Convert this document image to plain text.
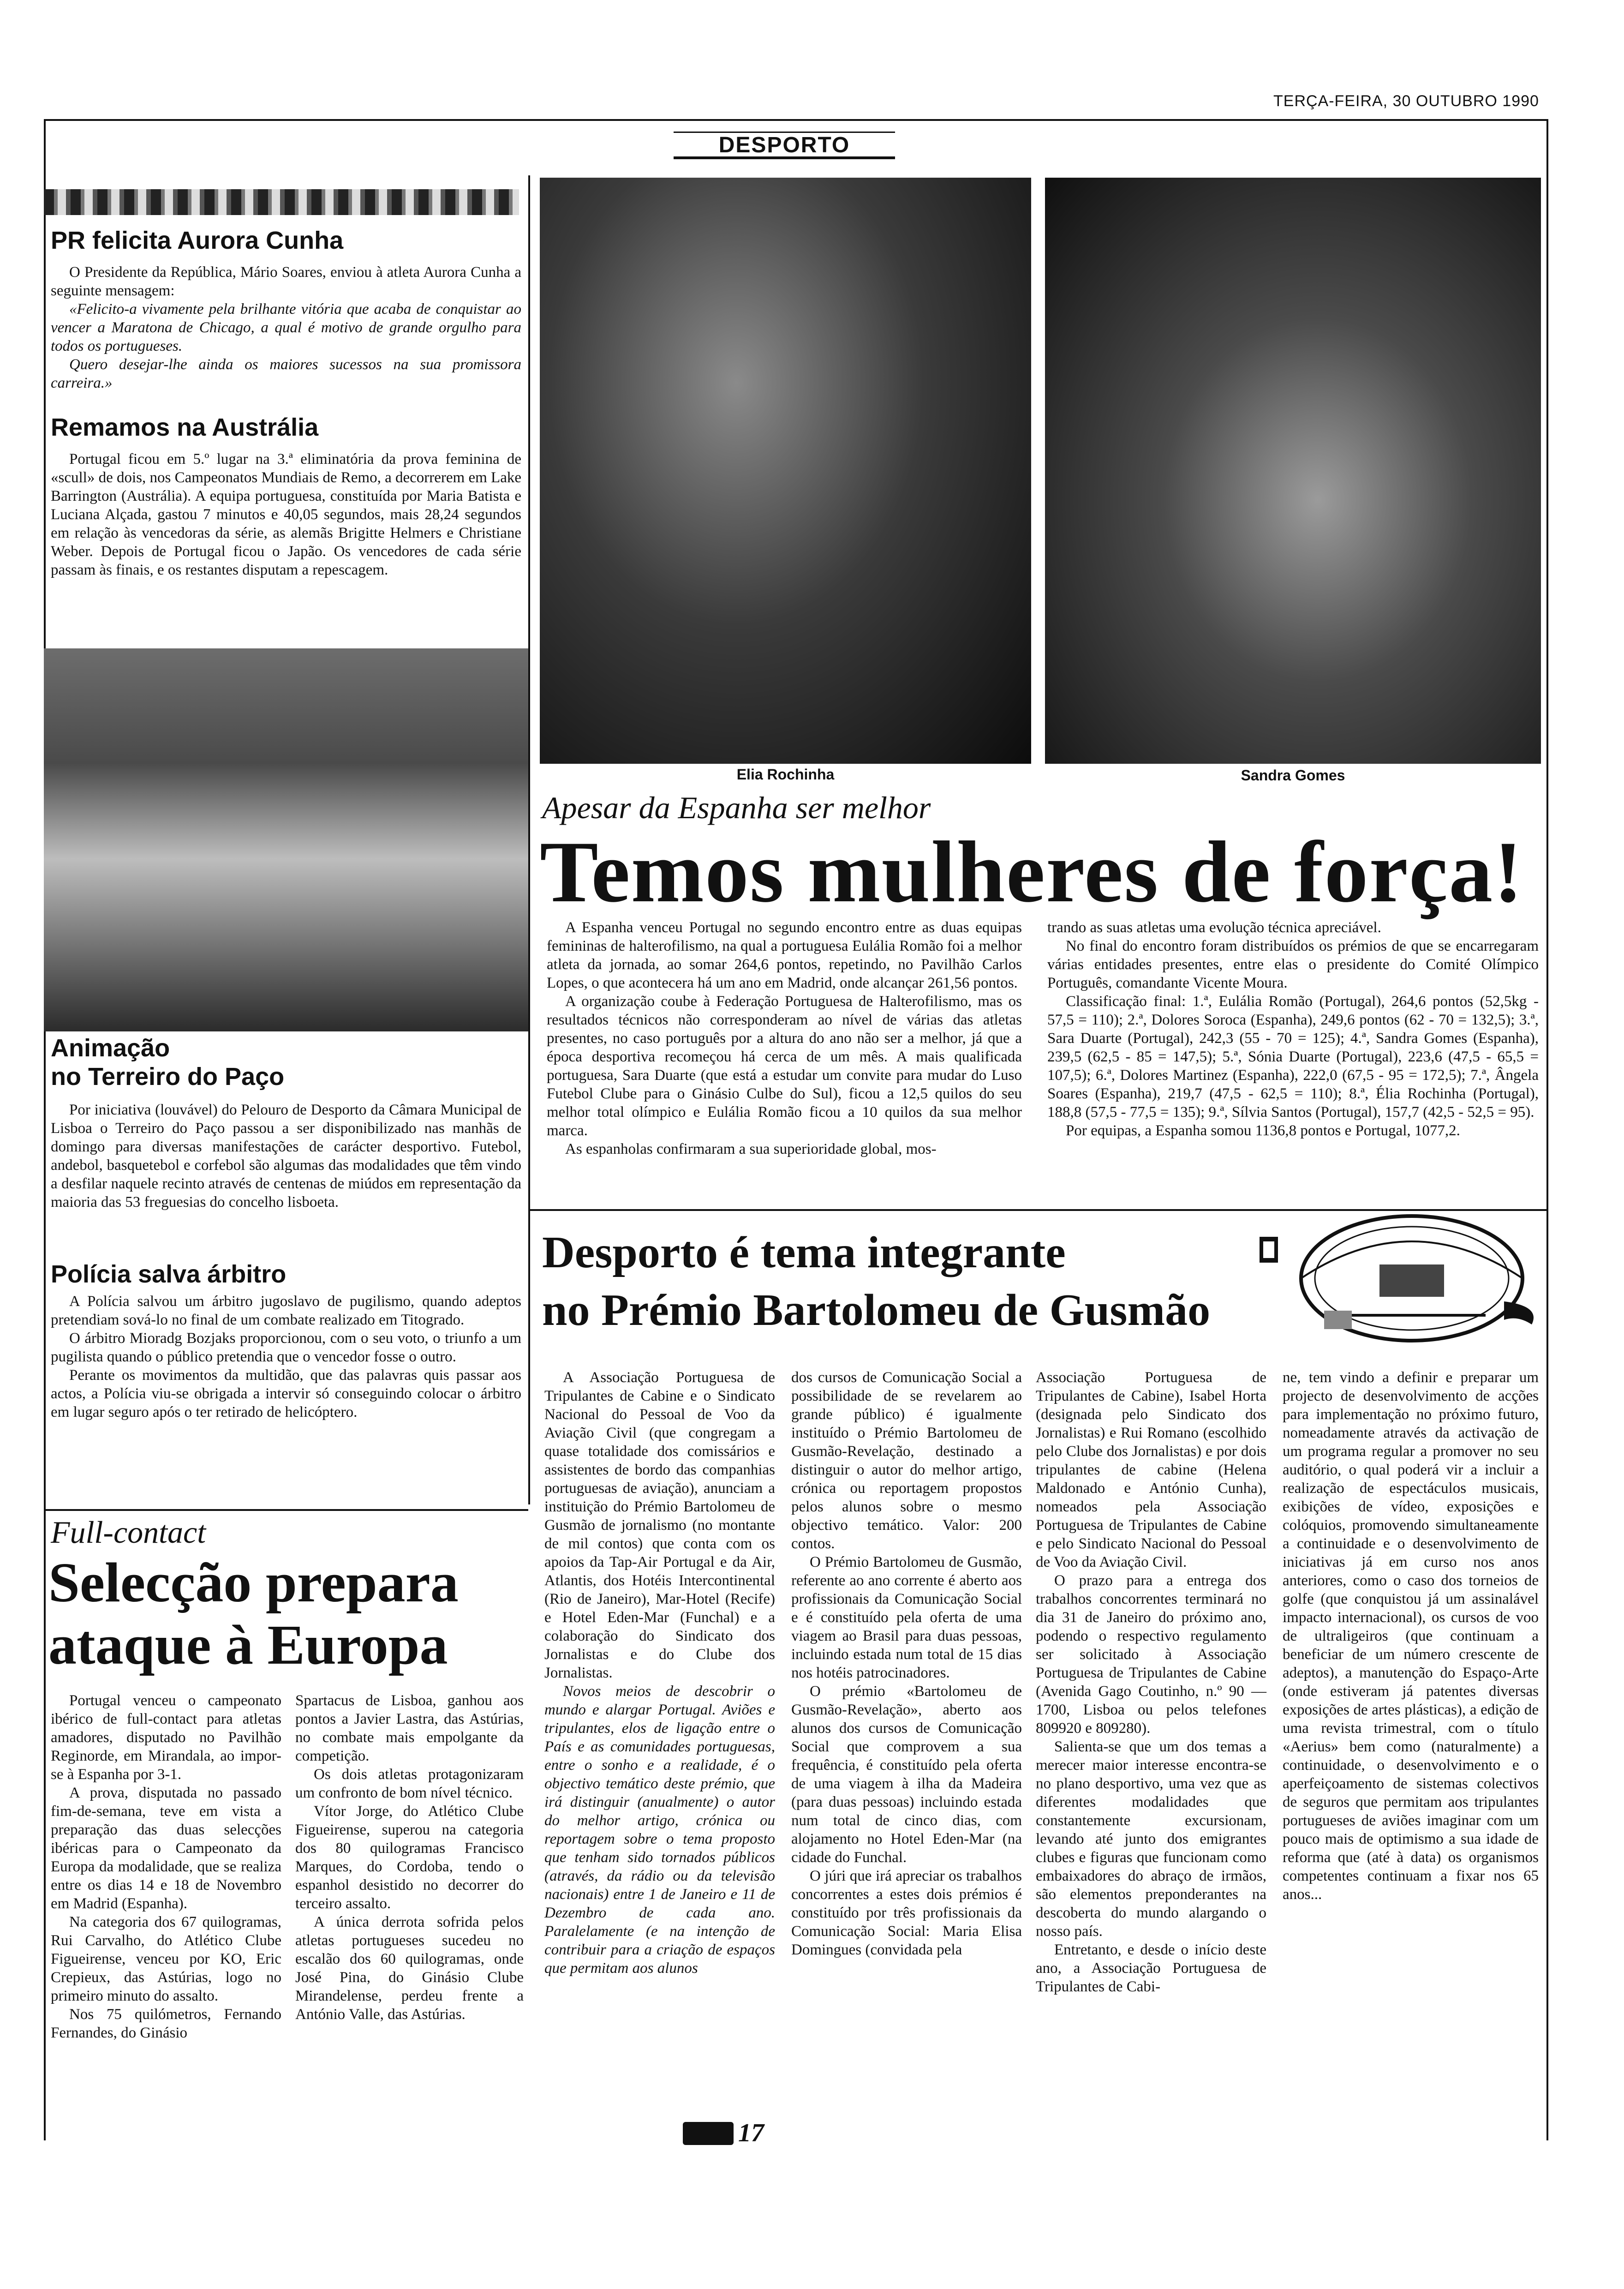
TERÇA-FEIRA, 30 OUTUBRO 1990
DESPORTO
PR felicita Aurora Cunha

O Presidente da República, Mário Soares, enviou à atleta Aurora Cunha a seguinte mensagem:

«Felicito-a vivamente pela brilhante vitória que acaba de conquistar ao vencer a Maratona de Chicago, a qual é motivo de grande orgulho para todos os portugueses.

Quero desejar-lhe ainda os maiores sucessos na sua promissora carreira.»

Remamos na Austrália

Portugal ficou em 5.º lugar na 3.ª eliminatória da prova feminina de «scull» de dois, nos Campeonatos Mundiais de Remo, a decorrerem em Lake Barrington (Austrália). A equipa portuguesa, constituída por Maria Batista e Luciana Alçada, gastou 7 minutos e 40,05 segundos, mais 28,24 segundos em relação às vencedoras da série, as alemãs Brigitte Helmers e Christiane Weber. Depois de Portugal ficou o Japão. Os vencedores de cada série passam às finais, e os restantes disputam a repescagem.

Animação
no Terreiro do Paço

Por iniciativa (louvável) do Pelouro de Desporto da Câmara Municipal de Lisboa o Terreiro do Paço passou a ser disponibilizado nas manhãs de domingo para diversas manifestações de carácter desportivo. Futebol, andebol, basquetebol e corfebol são algumas das modalidades que têm vindo a desfilar naquele recinto através de centenas de miúdos em representação da maioria das 53 freguesias do concelho lisboeta.

Polícia salva árbitro

A Polícia salvou um árbitro jugoslavo de pugilismo, quando adeptos pretendiam sová-lo no final de um combate realizado em Titogrado.

O árbitro Mioradg Bozjaks proporcionou, com o seu voto, o triunfo a um pugilista quando o público pretendia que o vencedor fosse o outro.

Perante os movimentos da multidão, que das palavras quis passar aos actos, a Polícia viu-se obrigada a intervir só conseguindo colocar o árbitro em lugar seguro após o ter retirado de helicóptero.

Full-contact
Selecção prepara
ataque à Europa

Portugal venceu o campeonato ibérico de full-contact para atletas amadores, disputado no Pavilhão Reginorde, em Mirandala, ao impor-se à Espanha por 3-1.

A prova, disputada no passado fim-de-semana, teve em vista a preparação das duas selecções ibéricas para o Campeonato da Europa da modalidade, que se realiza entre os dias 14 e 18 de Novembro em Madrid (Espanha).

Na categoria dos 67 quilogramas, Rui Carvalho, do Atlético Clube Figueirense, venceu por KO, Eric Crepieux, das Astúrias, logo no primeiro minuto do assalto.

Nos 75 quilómetros, Fernando Fernandes, do Ginásio

Spartacus de Lisboa, ganhou aos pontos a Javier Lastra, das Astúrias, no combate mais empolgante da competição.

Os dois atletas protagonizaram um confronto de bom nível técnico.

Vítor Jorge, do Atlético Clube Figueirense, superou na categoria dos 80 quilogramas Francisco Marques, do Cordoba, tendo o espanhol desistido no decorrer do terceiro assalto.

A única derrota sofrida pelos atletas portugueses sucedeu no escalão dos 60 quilogramas, onde José Pina, do Ginásio Clube Mirandelense, perdeu frente a António Valle, das Astúrias.

Elia Rochinha	Sandra Gomes
Apesar da Espanha ser melhor
Temos mulheres de força!

A Espanha venceu Portugal no segundo encontro entre as duas equipas femininas de halterofilismo, na qual a portuguesa Eulália Romão foi a melhor atleta da jornada, ao somar 264,6 pontos, repetindo, no Pavilhão Carlos Lopes, o que acontecera há um ano em Madrid, onde alcançar 261,56 pontos.

A organização coube à Federação Portuguesa de Halterofilismo, mas os resultados técnicos não corresponderam ao nível de várias das atletas presentes, no caso português por a altura do ano não ser a melhor, já que a época desportiva recomeçou há cerca de um mês. A mais qualificada portuguesa, Sara Duarte (que está a estudar um convite para mudar do Luso Futebol Clube para o Ginásio Culbe do Sul), ficou a 12,5 quilos do seu melhor total olímpico e Eulália Romão ficou a 10 quilos da sua melhor marca.

As espanholas confirmaram a sua superioridade global, mos-

trando as suas atletas uma evolução técnica apreciável.

No final do encontro foram distribuídos os prémios de que se encarregaram várias entidades presentes, entre elas o presidente do Comité Olímpico Português, comandante Vicente Moura.

Classificação final: 1.ª, Eulália Romão (Portugal), 264,6 pontos (52,5kg - 57,5 = 110); 2.ª, Dolores Soroca (Espanha), 249,6 pontos (62 - 70 = 132,5); 3.ª, Sara Duarte (Portugal), 242,3 (55 - 70 = 125); 4.ª, Sandra Gomes (Espanha), 239,5 (62,5 - 85 = 147,5); 5.ª, Sónia Duarte (Portugal), 223,6 (47,5 - 65,5 = 107,5); 6.ª, Dolores Martinez (Espanha), 222,0 (67,5 - 95 = 172,5); 7.ª, Ângela Soares (Espanha), 219,7 (47,5 - 62,5 = 110); 8.ª, Élia Rochinha (Portugal), 188,8 (57,5 - 77,5 = 135); 9.ª, Sílvia Santos (Portugal), 157,7 (42,5 - 52,5 = 95).

Por equipas, a Espanha somou 1136,8 pontos e Portugal, 1077,2.

Desporto é tema integrante
no Prémio Bartolomeu de Gusmão

A Associação Portuguesa de Tripulantes de Cabine e o Sindicato Nacional do Pessoal de Voo da Aviação Civil (que congregam a quase totalidade dos comissários e assistentes de bordo das companhias portuguesas de aviação), anunciam a instituição do Prémio Bartolomeu de Gusmão de jornalismo (no montante de mil contos) que conta com os apoios da Tap-Air Portugal e da Air, Atlantis, dos Hotéis Intercontinental (Rio de Janeiro), Mar-Hotel (Recife) e Hotel Eden-Mar (Funchal) e a colaboração do Sindicato dos Jornalistas e do Clube dos Jornalistas.

Novos meios de descobrir o mundo e alargar Portugal. Aviões e tripulantes, elos de ligação entre o País e as comunidades portuguesas, entre o sonho e a realidade, é o objectivo temático deste prémio, que irá distinguir (anualmente) o autor do melhor artigo, crónica ou reportagem sobre o tema proposto que tenham sido tornados públicos (através, da rádio ou da televisão nacionais) entre 1 de Janeiro e 11 de Dezembro de cada ano. Paralelamente (e na intenção de contribuir para a criação de espaços que permitam aos alunos

dos cursos de Comunicação Social a possibilidade de se revelarem ao grande público) é igualmente instituído o Prémio Bartolomeu de Gusmão-Revelação, destinado a distinguir o autor do melhor artigo, crónica ou reportagem propostos pelos alunos sobre o mesmo objectivo temático. Valor: 200 contos.

O Prémio Bartolomeu de Gusmão, referente ao ano corrente é aberto aos profissionais da Comunicação Social e é constituído pela oferta de uma viagem ao Brasil para duas pessoas, incluindo estada num total de 15 dias nos hotéis patrocinadores.

O prémio «Bartolomeu de Gusmão-Revelação», aberto aos alunos dos cursos de Comunicação Social que comprovem a sua frequência, é constituído pela oferta de uma viagem à ilha da Madeira (para duas pessoas) incluindo estada num total de cinco dias, com alojamento no Hotel Eden-Mar (na cidade do Funchal.

O júri que irá apreciar os trabalhos concorrentes a estes dois prémios é constituído por três profissionais da Comunicação Social: Maria Elisa Domingues (convidada pela

Associação Portuguesa de Tripulantes de Cabine), Isabel Horta (designada pelo Sindicato dos Jornalistas) e Rui Romano (escolhido pelo Clube dos Jornalistas) e por dois tripulantes de cabine (Helena Maldonado e António Cunha), nomeados pela Associação Portuguesa de Tripulantes de Cabine e pelo Sindicato Nacional do Pessoal de Voo da Aviação Civil.

O prazo para a entrega dos trabalhos concorrentes terminará no dia 31 de Janeiro do próximo ano, podendo o respectivo regulamento ser solicitado à Associação Portuguesa de Tripulantes de Cabine (Avenida Gago Coutinho, n.º 90 — 1700, Lisboa ou pelos telefones 809920 e 809280).

Salienta-se que um dos temas a merecer maior interesse encontra-se no plano desportivo, uma vez que as diferentes modalidades que constantemente excursionam, levando até junto dos emigrantes clubes e figuras que funcionam como embaixadores do abraço de irmãos, são elementos preponderantes na descoberta do mundo alargando o nosso país.

Entretanto, e desde o início deste ano, a Associação Portuguesa de Tripulantes de Cabi-

ne, tem vindo a definir e preparar um projecto de desenvolvimento de acções para implementação no próximo futuro, nomeadamente através da activação de um programa regular a promover no seu auditório, o qual poderá vir a incluir a realização de espectáculos musicais, exibições de vídeo, exposições e colóquios, promovendo simultaneamente a continuidade e o desenvolvimento de iniciativas já em curso nos anos anteriores, como o caso dos torneios de golfe (que conquistou já um assinalável impacto internacional), os cursos de voo de ultraligeiros (que continuam a beneficiar de um número crescente de adeptos), a manutenção do Espaço-Arte (onde estiveram já patentes diversas exposições de artes plásticas), a edição de uma revista trimestral, com o título «Aerius» bem como (naturalmente) a continuidade, o desenvolvimento e o aperfeiçoamento de sistemas colectivos de seguros que permitam aos tripulantes portugueses de aviões imaginar com um pouco mais de optimismo a sua idade de reforma que (até à data) os organismos competentes continuam a fixar nos 65 anos...

17
